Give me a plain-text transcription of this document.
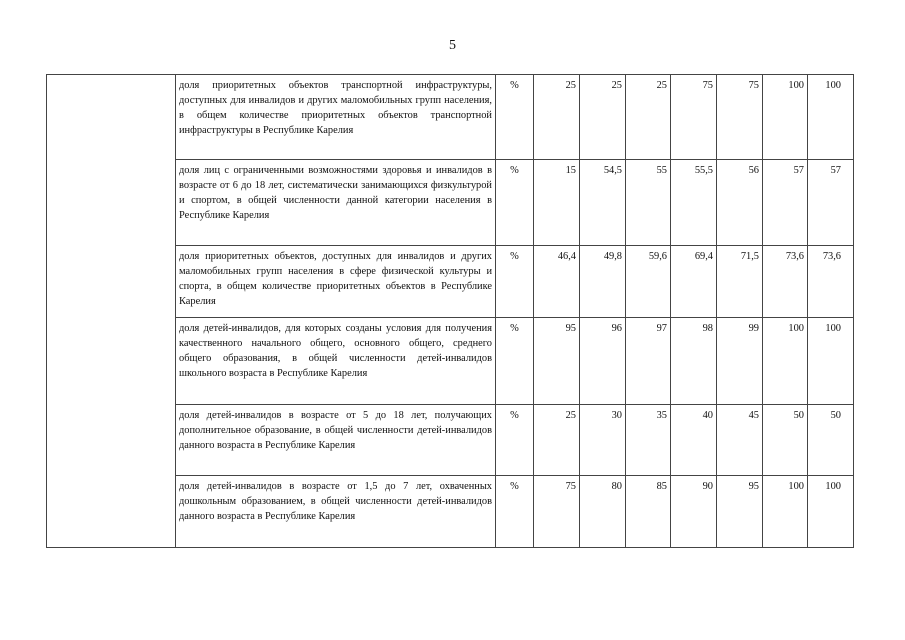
5
	доля приоритетных объектов транспортной инфраструктуры, доступных для инвалидов и других маломобильных групп населения, в общем количестве приоритетных объектов транспортной инфраструктуры в Республике Карелия	%	25	25	25	75	75	100	100
	доля лиц с ограниченными возможностями здоровья и инвалидов в возрасте от 6 до 18 лет, систематически занимающихся физкультурой и спортом, в общей численности данной категории населения в Республике Карелия	%	15	54,5	55	55,5	56	57	57
	доля приоритетных объектов, доступных для инвалидов и других маломобильных групп населения в сфере физической культуры и спорта, в общем количестве приоритетных объектов в Республике Карелия	%	46,4	49,8	59,6	69,4	71,5	73,6	73,6
	доля детей-инвалидов, для которых созданы условия для получения качественного начального общего, основного общего, среднего общего образования, в общей численности детей-инвалидов школьного возраста в Республике Карелия	%	95	96	97	98	99	100	100
	доля детей-инвалидов в возрасте от 5 до 18 лет, получающих дополнительное образование, в общей численности детей-инвалидов данного возраста в Республике Карелия	%	25	30	35	40	45	50	50
	доля детей-инвалидов в возрасте от 1,5 до 7 лет, охваченных дошкольным образованием, в общей численности детей-инвалидов данного возраста в Республике Карелия	%	75	80	85	90	95	100	100
